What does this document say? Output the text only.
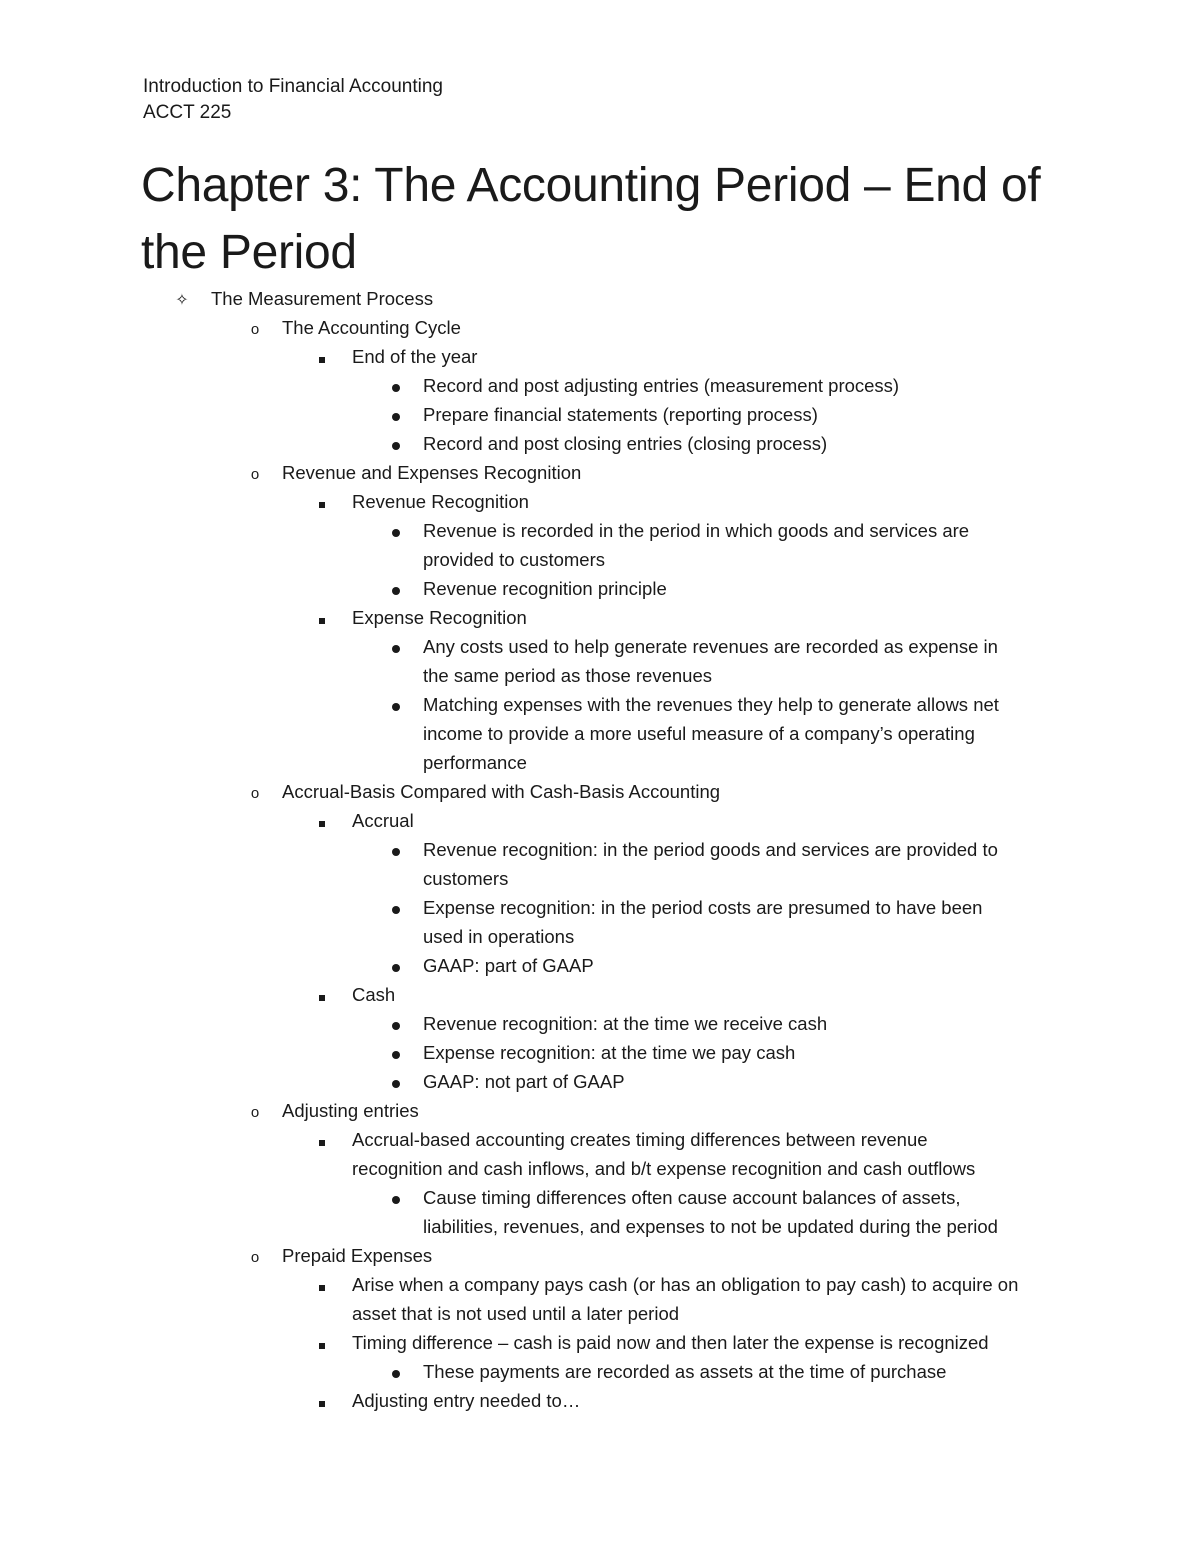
Introduction to Financial Accounting
ACCT 225
Chapter 3: The Accounting Period – End of
the Period
✧ The Measurement Process
o	The Accounting Cycle
End of the year
Record and post adjusting entries (measurement process)
Prepare financial statements (reporting process)
Record and post closing entries (closing process)
o	Revenue and Expenses Recognition
Revenue Recognition
Revenue is recorded in the period in which goods and services are
provided to customers
Revenue recognition principle
Expense Recognition
Any costs used to help generate revenues are recorded as expense in
the same period as those revenues
Matching expenses with the revenues they help to generate allows net
income to provide a more useful measure of a company’s operating
performance
o	Accrual-Basis Compared with Cash-Basis Accounting
Accrual
Revenue recognition: in the period goods and services are provided to
customers
Expense recognition: in the period costs are presumed to have been
used in operations
GAAP: part of GAAP
Cash
Revenue recognition: at the time we receive cash
Expense recognition: at the time we pay cash
GAAP: not part of GAAP
o	Adjusting entries
Accrual-based accounting creates timing differences between revenue
recognition and cash inflows, and b/t expense recognition and cash outflows
Cause timing differences often cause account balances of assets,
liabilities, revenues, and expenses to not be updated during the period
o	Prepaid Expenses
Arise when a company pays cash (or has an obligation to pay cash) to acquire on
asset that is not used until a later period
Timing difference – cash is paid now and then later the expense is recognized
These payments are recorded as assets at the time of purchase
Adjusting entry needed to…
